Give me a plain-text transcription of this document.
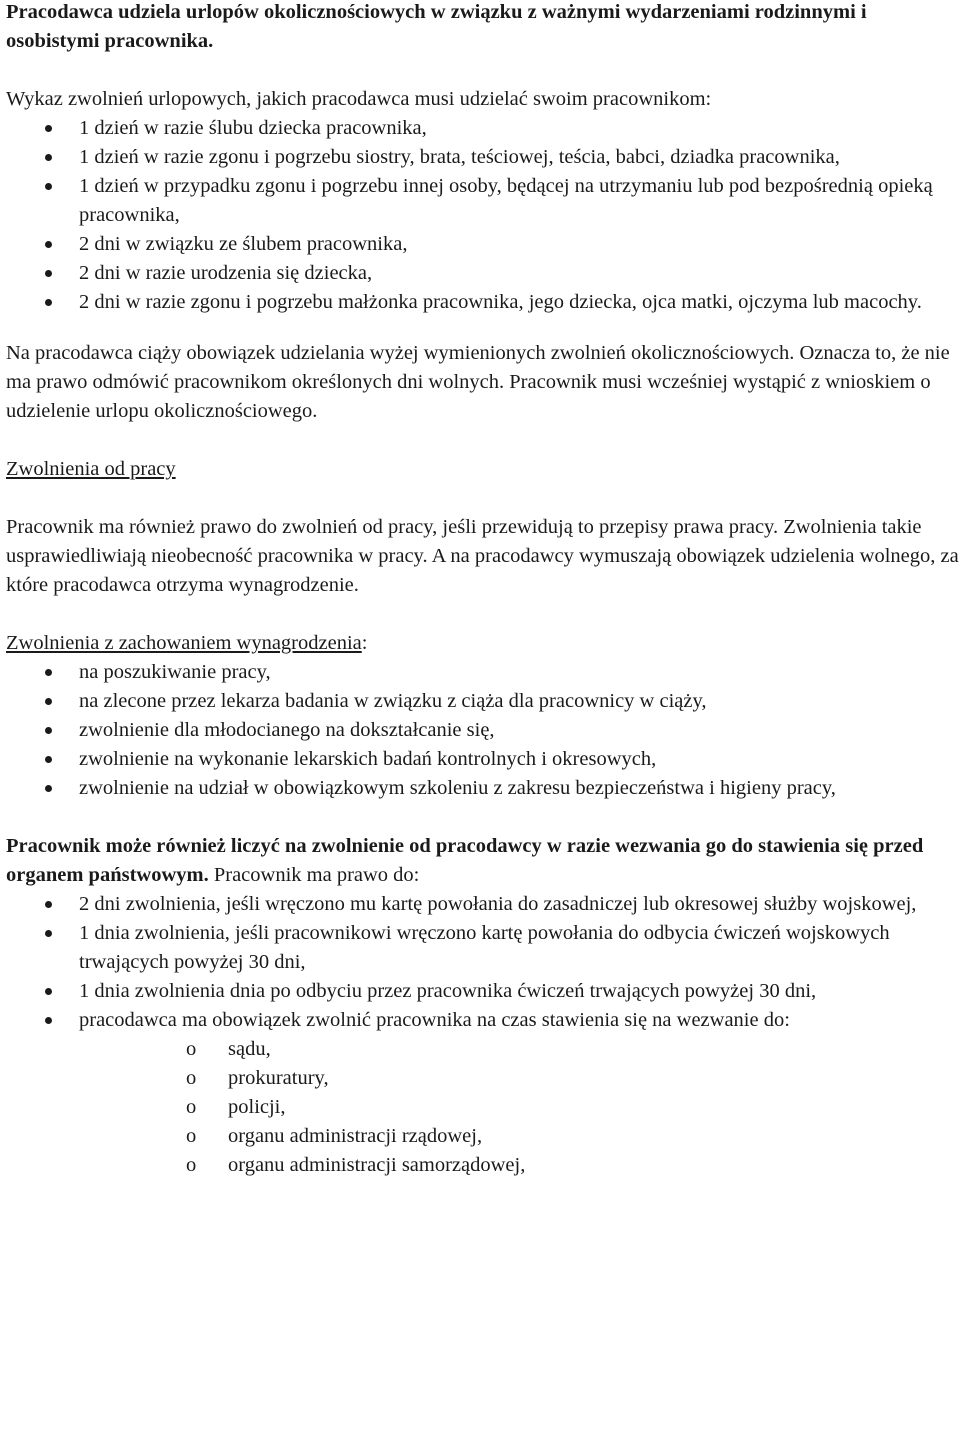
Pracodawca udziela urlopów okolicznościowych w związku z ważnymi wydarzeniami rodzinnymi i osobistymi pracownika.

Wykaz zwolnień urlopowych, jakich pracodawca musi udzielać swoim pracownikom:

1 dzień w razie ślubu dziecka pracownika,
1 dzień w razie zgonu i pogrzebu siostry, brata, teściowej, teścia, babci, dziadka pracownika,
1 dzień w przypadku zgonu i pogrzebu innej osoby, będącej na utrzymaniu lub pod bezpośrednią opieką pracownika,
2 dni w związku ze ślubem pracownika,
2 dni w razie urodzenia się dziecka,
2 dni w razie zgonu i pogrzebu małżonka pracownika, jego dziecka, ojca matki, ojczyma lub macochy.

Na pracodawca ciąży obowiązek udzielania wyżej wymienionych zwolnień okolicznościowych. Oznacza to, że nie ma prawo odmówić pracownikom określonych dni wolnych. Pracownik musi wcześniej wystąpić z wnioskiem o udzielenie urlopu okolicznościowego.

Zwolnienia od pracy

Pracownik ma również prawo do zwolnień od pracy, jeśli przewidują to przepisy prawa pracy. Zwolnienia takie usprawiedliwiają nieobecność pracownika w pracy. A na pracodawcy wymuszają obowiązek udzielenia wolnego, za które pracodawca otrzyma wynagrodzenie.

Zwolnienia z zachowaniem wynagrodzenia:

na poszukiwanie pracy,
na zlecone przez lekarza badania w związku z ciąża dla pracownicy w ciąży,
zwolnienie dla młodocianego na dokształcanie się,
zwolnienie na wykonanie lekarskich badań kontrolnych i okresowych,
zwolnienie na udział w obowiązkowym szkoleniu z zakresu bezpieczeństwa i higieny pracy,

Pracownik może również liczyć na zwolnienie od pracodawcy w razie wezwania go do stawienia się przed organem państwowym. Pracownik ma prawo do:

2 dni zwolnienia, jeśli wręczono mu kartę powołania do zasadniczej lub okresowej służby wojskowej,
1 dnia zwolnienia, jeśli pracownikowi wręczono kartę powołania do odbycia ćwiczeń wojskowych trwających powyżej 30 dni,
1 dnia zwolnienia dnia po odbyciu przez pracownika ćwiczeń trwających powyżej 30 dni,
pracodawca ma obowiązek zwolnić pracownika na czas stawienia się na wezwanie do:
o sądu,
o prokuratury,
o policji,
o organu administracji rządowej,
o organu administracji samorządowej,
